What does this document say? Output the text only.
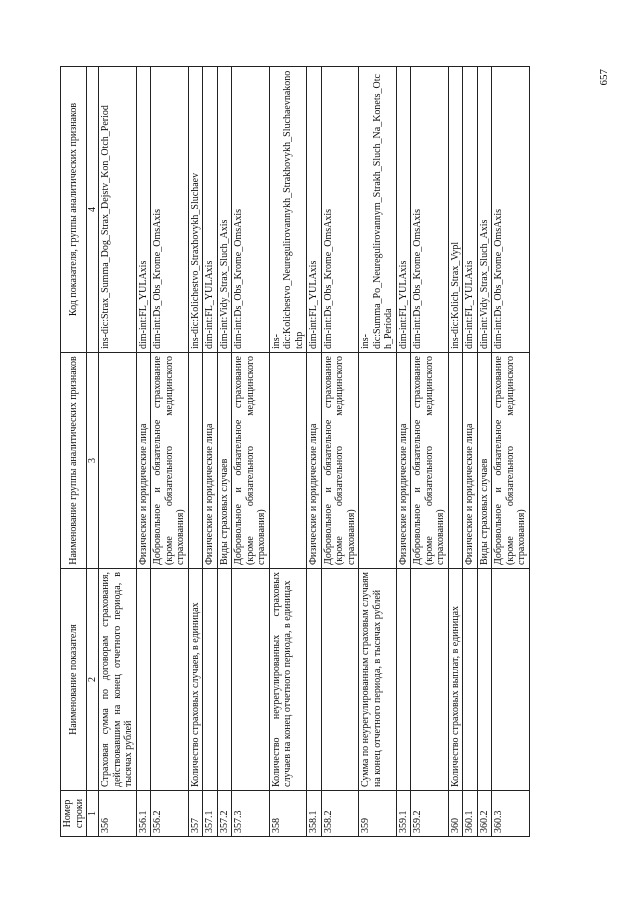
Номер строки	Наименование показателя	Наименование группы аналитических признаков	Код показателя, группы аналитических признаков
1	2	3	4
356	Страховая сумма по договорам страхования, действовавшим на конец отчетного периода, в тысячах рублей		ins-dic:Strax_Summa_Dog_Strax_Dejstv_Kon_Otch_Period
356.1		Физические и юридические лица	dim-int:FL_YULAxis
356.2		Добровольное и обязательное страхование (кроме обязательного медицинского страхования)	dim-int:Ds_Obs_Krome_OmsAxis
357	Количество страховых случаев, в единицах		ins-dic:Kolichestvo_Straxhovykh_Sluchaev
357.1		Физические и юридические лица	dim-int:FL_YULAxis
357.2		Виды страховых случаев	dim-int:Vidy_Strax_Sluch_Axis
357.3		Добровольное и обязательное страхование (кроме обязательного медицинского страхования)	dim-int:Ds_Obs_Krome_OmsAxis
358	Количество неурегулированных страховых случаев на конец отчетного периода, в единицах		ins-dic:Kolichestvo_Neuregulirovannykh_Strakhovykh_Sluchaevnakonotchp
358.1		Физические и юридические лица	dim-int:FL_YULAxis
358.2		Добровольное и обязательное страхование (кроме обязательного медицинского страхования)	dim-int:Ds_Obs_Krome_OmsAxis
359	Сумма по неурегулированным страховым случаям на конец отчетного периода, в тысячах рублей		ins-dic:Summa_Po_Neuregulirovannym_Strakh_Sluch_Na_Konets_Otch_Perioda
359.1		Физические и юридические лица	dim-int:FL_YULAxis
359.2		Добровольное и обязательное страхование (кроме обязательного медицинского страхования)	dim-int:Ds_Obs_Krome_OmsAxis
360	Количество страховых выплат, в единицах		ins-dic:Kolich_Strax_Vypl
360.1		Физические и юридические лица	dim-int:FL_YULAxis
360.2		Виды страховых случаев	dim-int:Vidy_Strax_Sluch_Axis
360.3		Добровольное и обязательное страхование (кроме обязательного медицинского страхования)	dim-int:Ds_Obs_Krome_OmsAxis
657
